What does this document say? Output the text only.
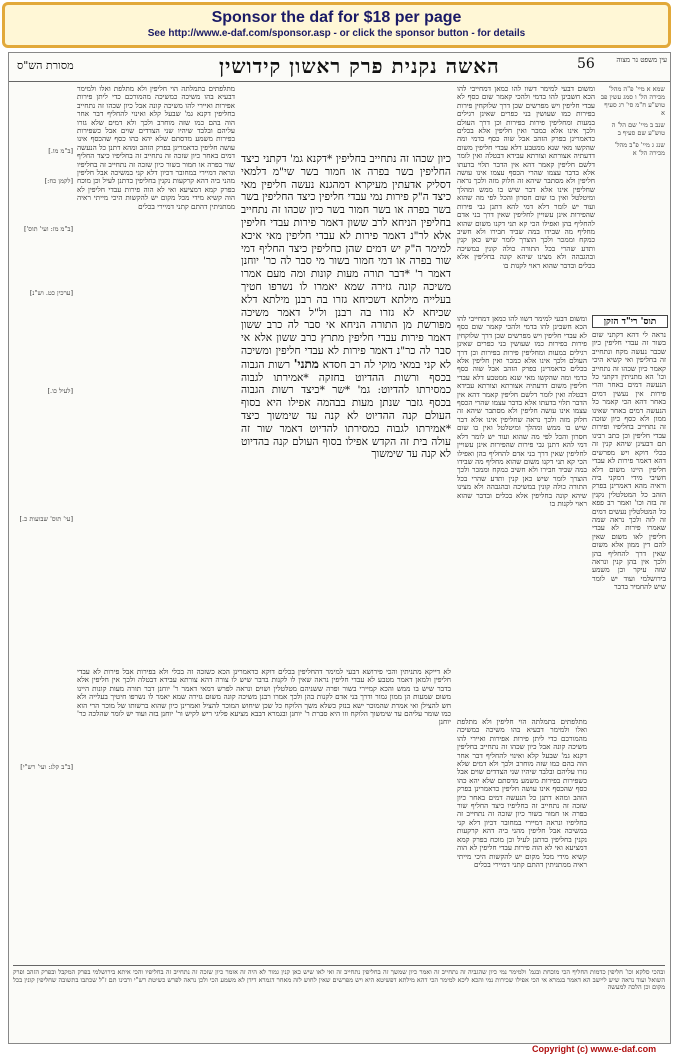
Sponsor the daf for $18 per page
See http://www.e-daf.com/sponsor.asp - or click the sponsor button - for details
מסורת הש"ס	האשה נקנית פרק ראשון קידושין	56	עין משפט נר מצוה
שמא א מיי' פ"ה מהל' מכירה הל' ו סמג עשין פב טוש"ע ח"מ סי' רג סעיף א
שנב ב מיי' שם הל' ה טוש"ע שם סעיף ב
שנג ג מיי' פ"ב מהל' מכירה הל' א
ומשום דבעי למימר דשוו להו כמאן דמחייבי להו הכא חשבינן להו בדמי ולהכי קאמר שום כסף לא עבדי חליפין ויש מפרשים שכן דרך שלוקחין פירות בפירות כמו שעושין בני כפרים שאינן רגילים במעות ומחליפין פירות בפירות וכן דרך העולם ולכך אינו אלא כמכר ואין חליפין אלא בכלים כדאמרינן בפרק הזהב אבל שוה כסף כדמי ומה שהקשו מאי שנא ממטבע דלא עבדי חליפין משום דדעתיה אצורתא וצורתא עבידא דבטלה ואין לומר דלשם חליפין קאמר דהא אין הדבר תלוי בדעתו אלא בדבר עצמו שהרי הכסף עצמו אינו עושה חליפין ולא מסתבר שיהא זה חלוק מזה ולכך נראה שחליפין אינו אלא דבר שיש בו ממש ומהלך ומיטלטל ואין בו שום חסרון והכל לפי מה שהוא ועוד יש לומר דלא דמי להא דתנן גבי פירות שהפירות אינן עשויין לחליפין שאין דרך בני אדם להחליף בהן ואפילו הכי קא תני דקנו משום שהוא מחליף מה שבידו במה שביד חבירו ולא חשיב כמקח וממכר ולכך הוצרך לומר שיש כאן קנין ותדע שהרי בכל התורה כולה קונין במשיכה ובהגבהה ולא מצינו שיהא קונה בחליפין אלא בכלים ובדבר שהוא ראוי לקנות בו
תוס' רי"ד הזקן
נראה לי דהא דקתני שום בשור זה עבדי חליפין כיון שכבר נעשה מקח ונתחייב זה בחליפין ואי קשיא היכי קאמר כיון שכהו זה נתחייב וכו' הא מתניתין דקתני כל הנעשה דמים באחר והרי פירות אין נעשין דמים באחר דהא הכי קאמר כל הנעשה דמים באחר שאינו ממון ולא כסף כיון שזכה זה נתחייב בחליפיו ופירות עבדי חליפין וכן כתב רבינו תם דבעינן שיהא קנין זה בכלי דוקא ויש מפרשים דהא דאמר פירות לא עבדי חליפין היינו משום דלא חשיבי מידי דמקני ביה וראיה מהא דאמרינן בפרק הזהב כל המטלטלין נקנין זה בזה וכו' ואמר רב פפא כל המטלטלין נעשים דמים זה לזה ולכך נראה שמה שאמרו פירות לא עבדי חליפין לאו משום שאין להם דין ממון אלא משום שאין דרך להחליף בהן ולכך אין בהן קנין ונראה שזה עיקר וכן משמע בירושלמי ועוד יש לומר שיש להחמיר בדבר
ומשום דבעי למימר דשוו להו כמאן דמחייבי להו הכא חשבינן להו בדמי ולהכי קאמר שום כסף לא עבדי חליפין ויש מפרשים שכן דרך שלוקחין פירות בפירות כמו שעושין בני כפרים שאינן רגילים במעות ומחליפין פירות בפירות וכן דרך העולם ולכך אינו אלא כמכר ואין חליפין אלא בכלים כדאמרינן בפרק הזהב אבל שוה כסף כדמי ומה שהקשו מאי שנא ממטבע דלא עבדי חליפין משום דדעתיה אצורתא וצורתא עבידא דבטלה ואין לומר דלשם חליפין קאמר דהא אין הדבר תלוי בדעתו אלא בדבר עצמו שהרי הכסף עצמו אינו עושה חליפין ולא מסתבר שיהא זה חלוק מזה ולכך נראה שחליפין אינו אלא דבר שיש בו ממש ומהלך ומיטלטל ואין בו שום חסרון והכל לפי מה שהוא ועוד יש לומר דלא דמי להא דתנן גבי פירות שהפירות אינן עשויין לחליפין שאין דרך בני אדם להחליף בהן ואפילו הכי קא תני דקנו משום שהוא מחליף מה שבידו במה שביד חבירו ולא חשיב כמקח וממכר ולכך הוצרך לומר שיש כאן קנין ותדע שהרי בכל התורה כולה קונין במשיכה ובהגבהה ולא מצינו שיהא קונה בחליפין אלא בכלים ובדבר שהוא ראוי לקנות בו
מתלפתים בתמלתה הוי חליפין ולא מתלפת ואלו ולמימר דבעיא בהו משיכה כמשיכה מהמורכם כדי ליתן פירות אפירות ואיירי להו משיכה קונה אבל כיון שכהו זה נתחייב בחליפין דקנא גמ' שבעל קלא ואינוי להחליף דבר אחר הוה בהם כמו שזה מוחרב ולכך ולא דמים שלא גזרו עליהם ובלבד שיהיו שני הצדדים שוים אבל כשפירות בפירות משמע מדסתם שלא יהא כהו כסף שהכסף אינו עושה חליפין כדאמרינן בפרק הזהב ומהא דתנן כל הנעשה דמים באחר כיון שזכה זה נתחייב זה בחליפיו כיצד החליף שור בפרה או חמור בשור כיון שזכה זה נתחייב זה בחליפיו ונראה דמיירי במחובר דכיון דלא קני במשיכה אבל חליפין מהני ביה דהא קרקעות נקנין בחליפין כדתנן לעיל וכן מוכח בפרק קמא דמציעא ואי לא הוה פירות עבדי חליפין לא הוה קשיא מידי מכל מקום יש להקשות היכי מייתי ראיה ממתניתין דהתם קתני דמיירי בכלים
[ב"מ מו.]
[לקמן כח:]
[ב"מ מז: ועי' תוס']
[ערכין כט. וש"נ]
[לעיל כו.]
[עי' תוס' שבועות כ.]
[ב"ב קלג: ועי' רש"י]
כיון שכהו זה נתחייב בחליפין *דקנא גמ' דקתני כיצד החליפין בשר בפרה או חמור בשר שי"מ דלמאי דסליק אדעתין מעיקרא דמהגנא נעשה חליפין מאי כיצד ה"ק פירות נמי עבדי חליפין כיצד החליפין בשר בשר בפרה או בשר חמור בשר כיון שכהו זה נתחייב בחליפין הניחא לרב ששון דאמר פירות עבדי חליפין אלא לר"נ דאמר פירות לא עבדי חליפין מאי איכא למימר ה"ק יש דמים שהן כחליפין כיצד החליף דמי שור בפרה או דמי חמור בשור מי סבר לה כר' יוחנן דאמר ר' *דבר תורה מעות קונות ומה מעם אמרו משיכה קונה גזירה שמא יאמרו לו נשרפו חטיך בעלייה מילתא דשכיחא גזרו בה רבנן מילתא דלא שכיחא לא גזרו בה רבנן ול"ל דאמר משיכה מפורשת מן התורה הניחא אי סבר לה כרב ששון דאמר פירות עבדי חליפין מתרץ כרב ששון אלא אי סבר לה כר"נ דאמר פירות לא עבדי חליפין ומשיכה לא קני במאי מוקי לה רב חסדא מתני' רשות הגבוה בכסף ורשות ההדיוט בחזקה *אמירתו לגבוה כמסירתו להדיוט: גמ' *שר *כיצד רשות הגבוה בכסף גזבר שנתן מעות בבהמה אפילו היא בסוף העולם קנה ההדיוט לא קנה עד שימשוך כיצד *אמירתו לגבוה כמסירתו להדיוט דאמר שור זה עולה בית זה הקדש אפילו בסוף העולם קנה בהדיוט לא קנה עד שימשוך
לא דייקא מתניתין והכי פירושא דבעי למימר דהחליפין בכלים דוקא כדאמרינן הכא כשזכה זה בכלי ולא בפירות אבל פירות לא עבדי חליפין ולמאן דאמר מטבע לא עבדי חליפין נראה שאין לו לקנות בדבר שיש לו צורה דהא צורתא עבידא דבטלה ולכך אין חליפין אלא בדבר שיש בו ממש והכא קמיירי בשור ופרה ששניהם מטלטלין ושוים ונראה לפרש דמאי דאמר ר' יוחנן דבר תורה מעות קונות היינו משום שמעות הן ממון גמור ודרך בני אדם לקנות בהן ולכך אמרו רבנן משיכה קונה משום גזירה שמא יאמר לו נשרפו חיטיך בעלייה ולא חש להצילן ואי אמרת שהמוכר ישא בנזק כשלא משך הלוקח כל שכן שיחוש המוכר להציל ואמרינן כיון שהוא ברשותו של מוכר הרי הוא כמו שומר עליהם עד שימשוך הלוקח וזו היא סברת ר' יוחנן ובגמרא דבבא מציעא פליגי ריש לקיש ור' יוחנן בזה ועוד יש לומר שהלכה כר' יוחנן מתלפתים בתמלתה הוי חליפין ולא מתלפת ואלו ולמימר דבעיא בהו משיכה כמשיכה מהמורכם כדי ליתן פירות אפירות ואיירי להו משיכה קונה אבל כיון שכהו זה נתחייב בחליפין דקנא גמ' שבעל קלא ואינוי להחליף דבר אחר הוה בהם כמו שזה מוחרב ולכך ולא דמים שלא גזרו עליהם ובלבד שיהיו שני הצדדים שוים אבל כשפירות בפירות משמע מדסתם שלא יהא כהו כסף שהכסף אינו עושה חליפין כדאמרינן בפרק הזהב ומהא דתנן כל הנעשה דמים באחר כיון שזכה זה נתחייב זה בחליפיו כיצד החליף שור בפרה או חמור בשור כיון שזכה זה נתחייב זה בחליפיו ונראה דמיירי במחובר דכיון דלא קני במשיכה אבל חליפין מהני ביה דהא קרקעות נקנין בחליפין כדתנן לעיל וכן מוכח בפרק קמא דמציעא ואי לא הוה פירות עבדי חליפין לא הוה קשיא מידי מכל מקום יש להקשות היכי מייתי ראיה ממתניתין דהתם קתני דמיירי בכלים
ובהכי סלקא וכו' חליפין כדמות החליף הכי מוכחת ובגמ' ולמימר נמי כיון שהגביה זה נתחייב זה ואמר כיון שמשך זה בחליפין נתחייב זה ואי לאו שיש כאן קנין גמור לא היה זה אומר כיון שזכה זה נתחייב זה בחליפיו והכי איתא בירושלמי בפרק המקבל ובפרק הזהב ופרק השואל ועוד נראה שיש ליישב הא דאמר בגמרא אי הכי אפילו שכירות נמי והכא ליכא למימר הכי דהא מילתא דפשיטא היא ויש מפרשים שאין לחוש לזה מאחר דגמרא דידן לא משמע הכי ולכן נראה לפרש כשיטת רש"י ורבינו תם ז"ל שכתבו בתשובה שחליפין קונין בכל מקום וכן הלכה למעשה
Copyright (c) www.e-daf.com
